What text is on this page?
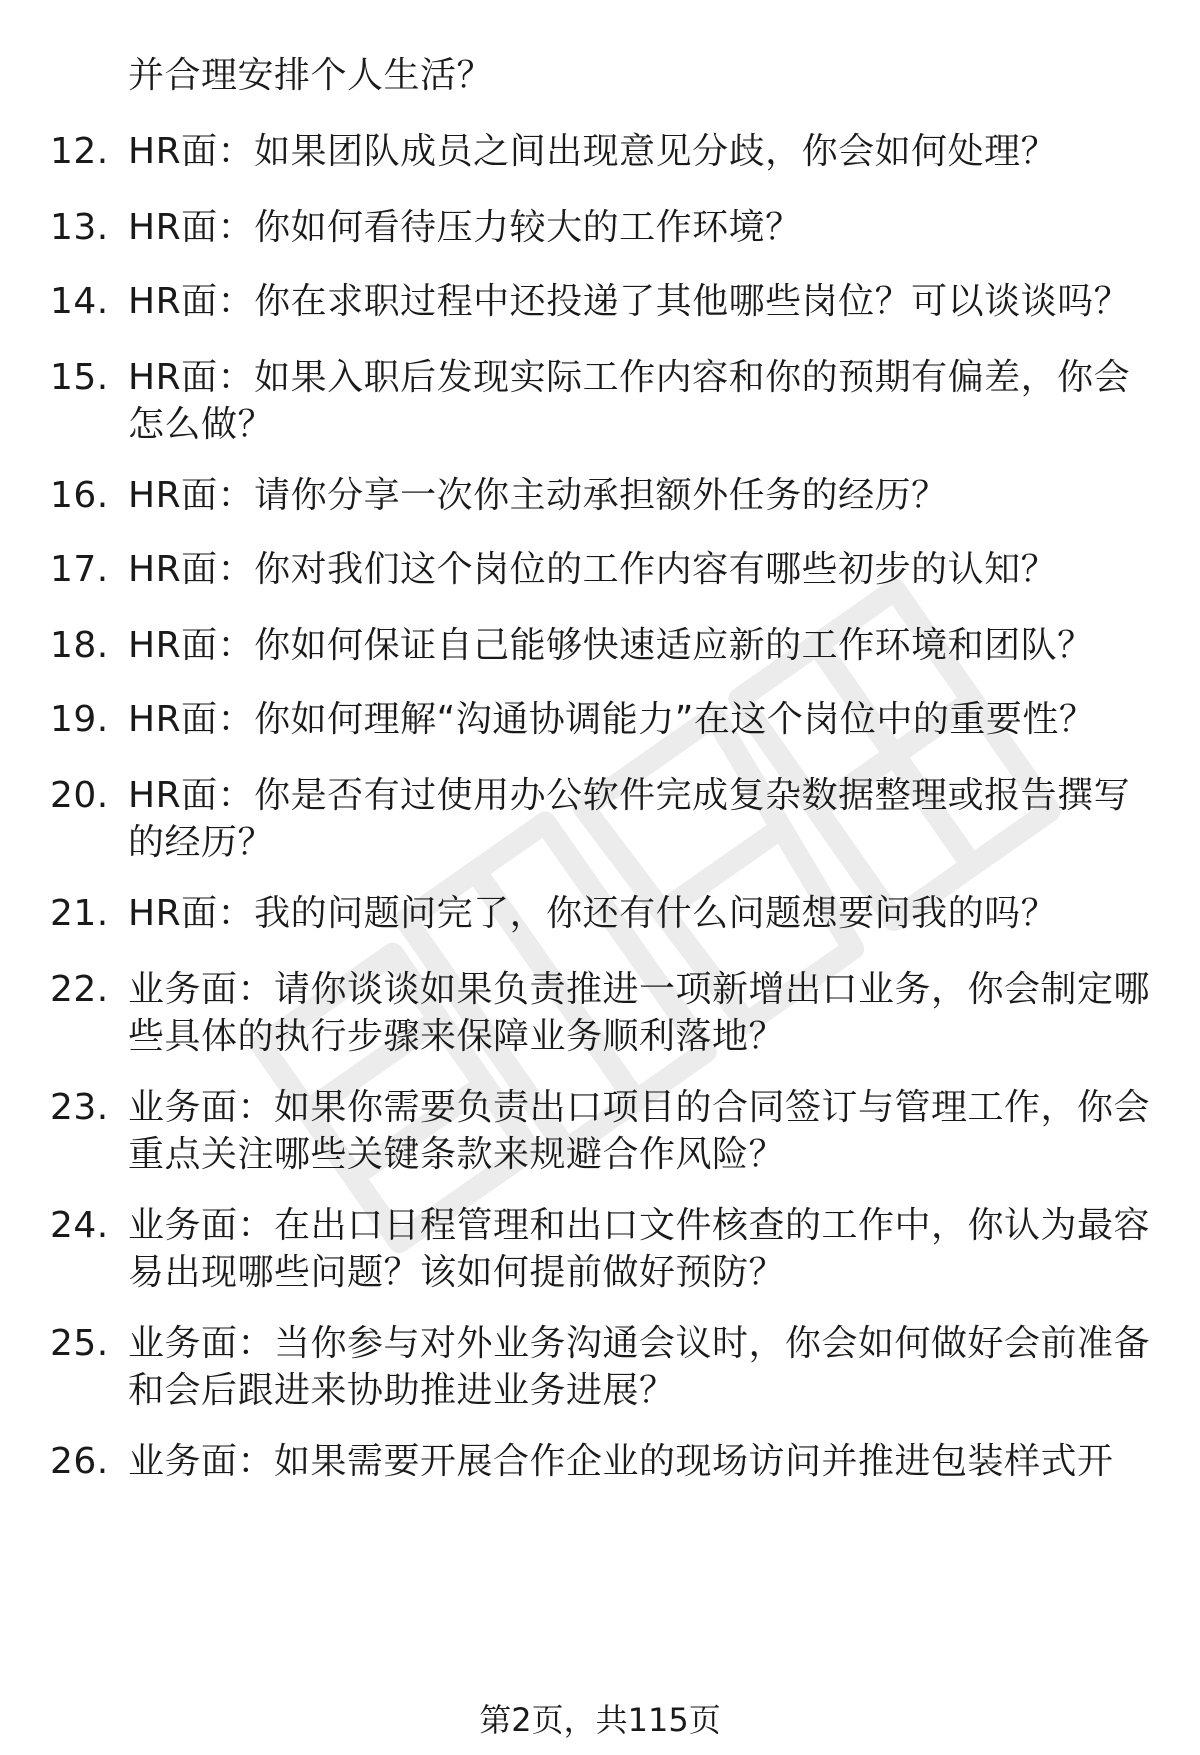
并合理安排个人生活？
12. HR面：如果团队成员之间出现意见分歧，你会如何处理？
13. HR面：你如何看待压力较大的工作环境？
14. HR面：你在求职过程中还投递了其他哪些岗位？可以谈谈吗？
15. HR面：如果入职后发现实际工作内容和你的预期有偏差，你会怎么做？
16. HR面：请你分享一次你主动承担额外任务的经历？
17. HR面：你对我们这个岗位的工作内容有哪些初步的认知？
18. HR面：你如何保证自己能够快速适应新的工作环境和团队？
19. HR面：你如何理解“沟通协调能力”在这个岗位中的重要性？
20. HR面：你是否有过使用办公软件完成复杂数据整理或报告撰写的经历？
21. HR面：我的问题问完了，你还有什么问题想要问我的吗？
22. 业务面：请你谈谈如果负责推进一项新增出口业务，你会制定哪些具体的执行步骤来保障业务顺利落地？
23. 业务面：如果你需要负责出口项目的合同签订与管理工作，你会重点关注哪些关键条款来规避合作风险？
24. 业务面：在出口日程管理和出口文件核查的工作中，你认为最容易出现哪些问题？该如何提前做好预防？
25. 业务面：当你参与对外业务沟通会议时，你会如何做好会前准备和会后跟进来协助推进业务进展？
26. 业务面：如果需要开展合作企业的现场访问并推进包装样式开
第2页，共115页
